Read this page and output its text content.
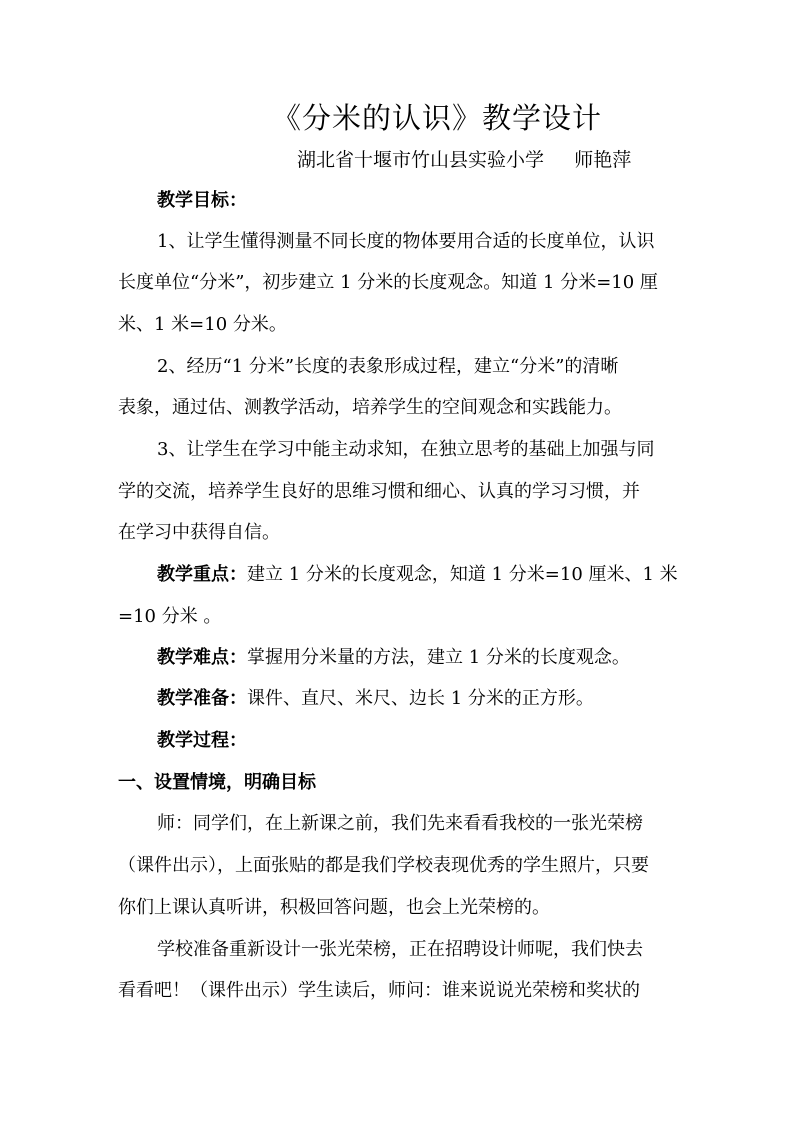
《分米的认识》教学设计
湖北省十堰市竹山县实验小学     师艳萍
教学目标：
1、让学生懂得测量不同长度的物体要用合适的长度单位，认识
长度单位“分米”，初步建立 1 分米的长度观念。知道 1 分米=10 厘
米、1 米=10 分米。
2、经历“1 分米”长度的表象形成过程，建立“分米”的清晰
表象，通过估、测教学活动，培养学生的空间观念和实践能力。
3、让学生在学习中能主动求知，在独立思考的基础上加强与同
学的交流，培养学生良好的思维习惯和细心、认真的学习习惯，并
在学习中获得自信。
教学重点：建立 1 分米的长度观念，知道 1 分米=10 厘米、1 米
=10 分米 。
教学难点：掌握用分米量的方法，建立 1 分米的长度观念。
教学准备：课件、直尺、米尺、边长 1 分米的正方形。
教学过程：
一、设置情境，明确目标
师：同学们，在上新课之前，我们先来看看我校的一张光荣榜
（课件出示），上面张贴的都是我们学校表现优秀的学生照片，只要
你们上课认真听讲，积极回答问题，也会上光荣榜的。
学校准备重新设计一张光荣榜，正在招聘设计师呢，我们快去
看看吧！（课件出示）学生读后，师问：谁来说说光荣榜和奖状的
